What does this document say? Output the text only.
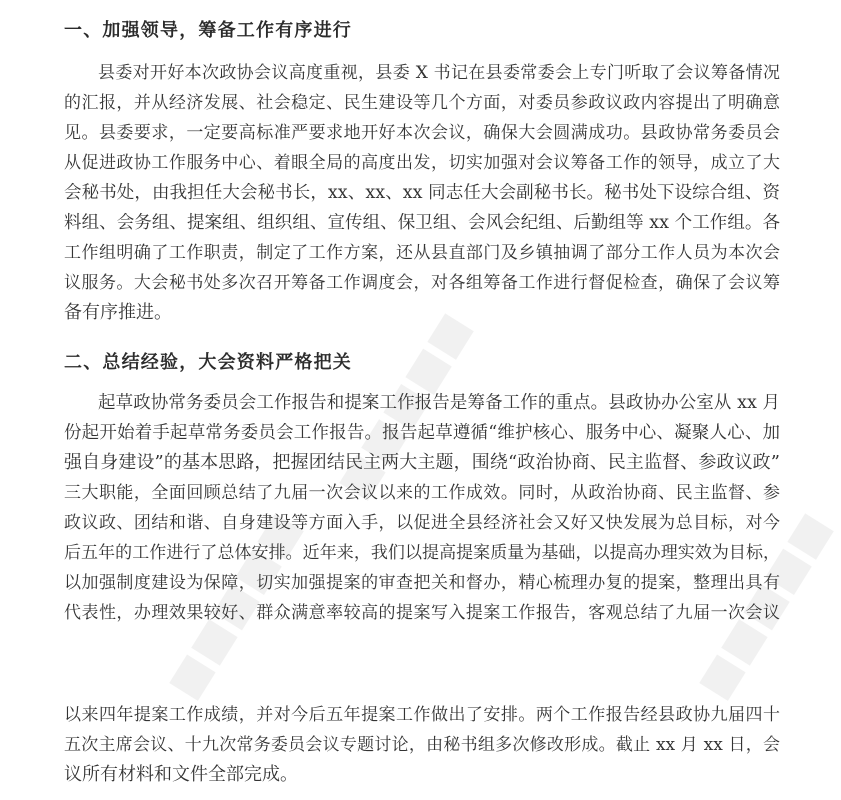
■■■■■
■■■■■	■■■■■
一、加强领导，筹备工作有序进行
县委对开好本次政协会议高度重视，县委 X 书记在县委常委会上专门听取了会议筹备情况
的汇报，并从经济发展、社会稳定、民生建设等几个方面，对委员参政议政内容提出了明确意
见。县委要求，一定要高标准严要求地开好本次会议，确保大会圆满成功。县政协常务委员会
从促进政协工作服务中心、着眼全局的高度出发，切实加强对会议筹备工作的领导，成立了大
会秘书处，由我担任大会秘书长，xx、xx、xx 同志任大会副秘书长。秘书处下设综合组、资
料组、会务组、提案组、组织组、宣传组、保卫组、会风会纪组、后勤组等 xx 个工作组。各
工作组明确了工作职责，制定了工作方案，还从县直部门及乡镇抽调了部分工作人员为本次会
议服务。大会秘书处多次召开筹备工作调度会，对各组筹备工作进行督促检查，确保了会议筹
备有序推进。
二、总结经验，大会资料严格把关
起草政协常务委员会工作报告和提案工作报告是筹备工作的重点。县政协办公室从 xx 月
份起开始着手起草常务委员会工作报告。报告起草遵循“维护核心、服务中心、凝聚人心、加
强自身建设”的基本思路，把握团结民主两大主题，围绕“政治协商、民主监督、参政议政”
三大职能，全面回顾总结了九届一次会议以来的工作成效。同时，从政治协商、民主监督、参
政议政、团结和谐、自身建设等方面入手，以促进全县经济社会又好又快发展为总目标，对今
后五年的工作进行了总体安排。近年来，我们以提高提案质量为基础，以提高办理实效为目标，
以加强制度建设为保障，切实加强提案的审查把关和督办，精心梳理办复的提案，整理出具有
代表性，办理效果较好、群众满意率较高的提案写入提案工作报告，客观总结了九届一次会议
以来四年提案工作成绩，并对今后五年提案工作做出了安排。两个工作报告经县政协九届四十
五次主席会议、十九次常务委员会议专题讨论，由秘书组多次修改形成。截止 xx 月 xx 日，会
议所有材料和文件全部完成。
